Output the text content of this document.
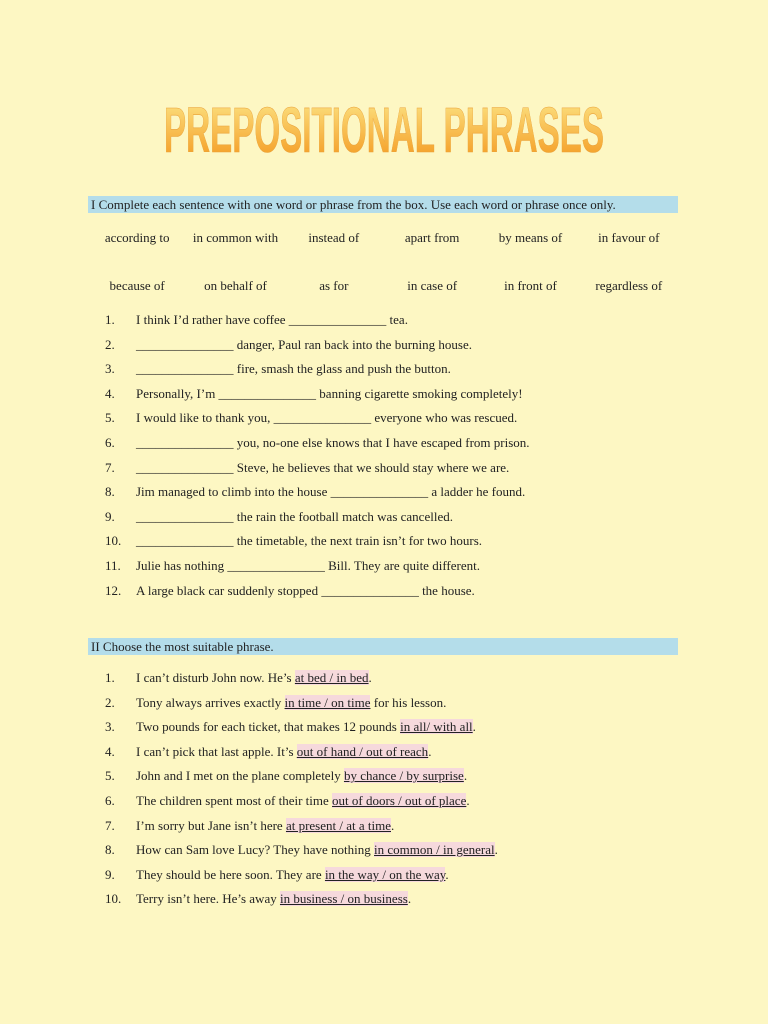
PREPOSITIONAL PHRASES
I Complete each sentence with one word or phrase from the box. Use each word or phrase once only.
according to	in common with	instead of	apart from	by means of	in favour of
because of	on behalf of	as for	in case of	in front of	regardless of
1.	I think I’d rather have coffee _______________ tea.
2.	_______________ danger, Paul ran back into the burning house.
3.	_______________ fire, smash the glass and push the button.
4.	Personally, I’m _______________ banning cigarette smoking completely!
5.	I would like to thank you, _______________ everyone who was rescued.
6.	_______________ you, no-one else knows that I have escaped from prison.
7.	_______________ Steve, he believes that we should stay where we are.
8.	Jim managed to climb into the house _______________ a ladder he found.
9.	_______________ the rain the football match was cancelled.
10.	_______________ the timetable, the next train isn’t for two hours.
11.	Julie has nothing _______________ Bill. They are quite different.
12.	A large black car suddenly stopped _______________ the house.
II Choose the most suitable phrase.
1.	I can’t disturb John now. He’s at bed / in bed.
2.	Tony always arrives exactly in time / on time for his lesson.
3.	Two pounds for each ticket, that makes 12 pounds in all/ with all.
4.	I can’t pick that last apple. It’s out of hand / out of reach.
5.	John and I met on the plane completely by chance / by surprise.
6.	The children spent most of their time out of doors / out of place.
7.	I’m sorry but Jane isn’t here at present / at a time.
8.	How can Sam love Lucy? They have nothing in common / in general.
9.	They should be here soon. They are in the way / on the way.
10.	Terry isn’t here. He’s away in business / on business.
